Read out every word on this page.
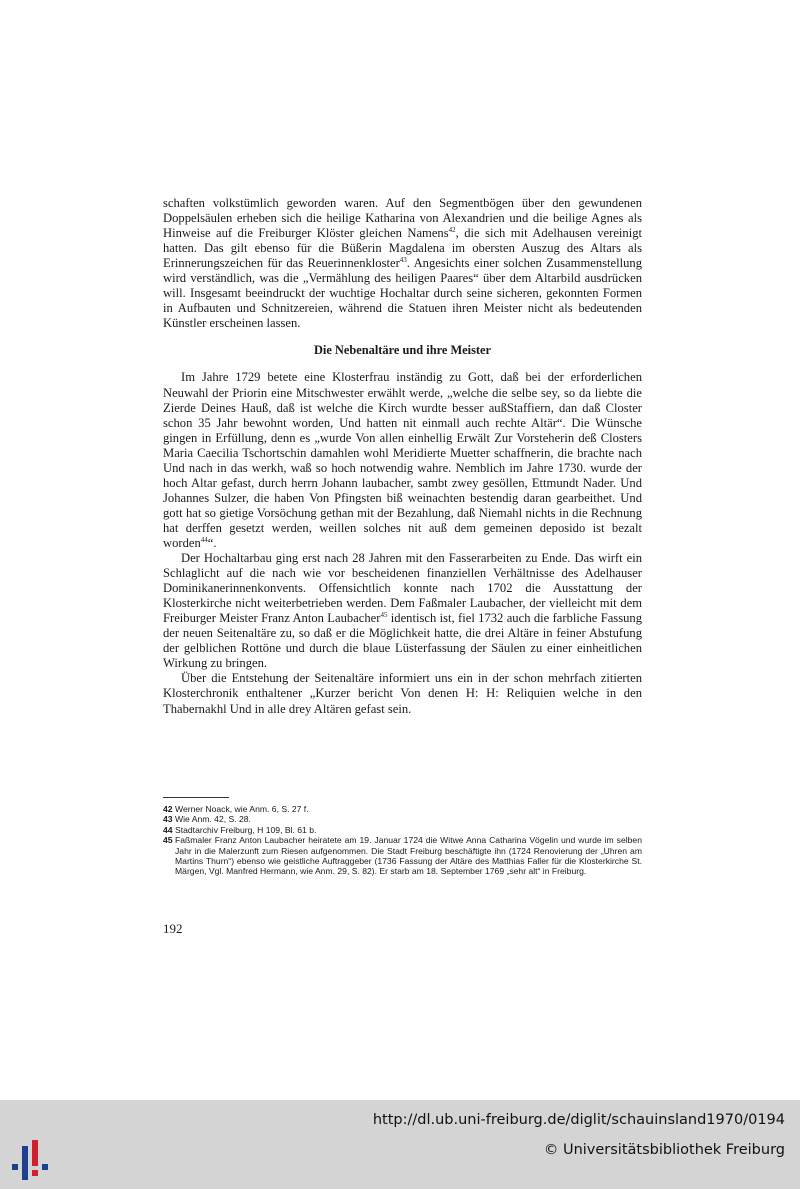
schaften volkstümlich geworden waren. Auf den Segmentbögen über den gewundenen Doppelsäulen erheben sich die heilige Katharina von Alexandrien und die beilige Agnes als Hinweise auf die Freiburger Klöster gleichen Namens$^{42}$, die sich mit Adelhausen vereinigt hatten. Das gilt ebenso für die Büßerin Magdalena im obersten Auszug des Altars als Erinnerungszeichen für das Reuerinnenkloster$^{43}$. Angesichts einer solchen Zusammenstellung wird verständlich, was die „Vermählung des heiligen Paares“ über dem Altarbild ausdrücken will. Insgesamt beeindruckt der wuchtige Hochaltar durch seine sicheren, gekonnten Formen in Aufbauten und Schnitzereien, während die Statuen ihren Meister nicht als bedeutenden Künstler erscheinen lassen.

Die Nebenaltäre und ihre Meister

Im Jahre 1729 betete eine Klosterfrau inständig zu Gott, daß bei der erforderlichen Neuwahl der Priorin eine Mitschwester erwählt werde, „welche die selbe sey, so da liebte die Zierde Deines Hauß, daß ist welche die Kirch wurdte besser außStaffiern, dan daß Closter schon 35 Jahr bewohnt worden, Und hatten nit einmall auch rechte Altär“. Die Wünsche gingen in Erfüllung, denn es „wurde Von allen einhellig Erwält Zur Vorsteherin deß Closters Maria Caecilia Tschortschin damahlen wohl Meridierte Muetter schaffnerin, die brachte nach Und nach in das werkh, waß so hoch notwendig wahre. Nemblich im Jahre 1730. wurde der hoch Altar gefast, durch herrn Johann laubacher, sambt zwey gesöllen, Ettmundt Nader. Und Johannes Sulzer, die haben Von Pfingsten biß weinachten bestendig daran gearbeithet. Und gott hat so gietige Vorsöchung gethan mit der Bezahlung, daß Niemahl nichts in die Rechnung hat derffen gesetzt werden, weillen solches nit auß dem gemeinen deposido ist bezalt worden$^{44}$“.

Der Hochaltarbau ging erst nach 28 Jahren mit den Fasserarbeiten zu Ende. Das wirft ein Schlaglicht auf die nach wie vor bescheidenen finanziellen Verhältnisse des Adelhauser Dominikanerinnenkonvents. Offensichtlich konnte nach 1702 die Ausstattung der Klosterkirche nicht weiterbetrieben werden. Dem Faßmaler Laubacher, der vielleicht mit dem Freiburger Meister Franz Anton Laubacher$^{45}$ identisch ist, fiel 1732 auch die farbliche Fassung der neuen Seitenaltäre zu, so daß er die Möglichkeit hatte, die drei Altäre in feiner Abstufung der gelblichen Rottöne und durch die blaue Lüsterfassung der Säulen zu einer einheitlichen Wirkung zu bringen.

Über die Entstehung der Seitenaltäre informiert uns ein in der schon mehrfach zitierten Klosterchronik enthaltener „Kurzer bericht Von denen H: H: Reliquien welche in den Thabernakhl Und in alle drey Altären gefast sein.

42 Werner Noack, wie Anm. 6, S. 27 f.
43 Wie Anm. 42, S. 28.
44 Stadtarchiv Freiburg, H 109, Bl. 61 b.
45 Faßmaler Franz Anton Laubacher heiratete am 19. Januar 1724 die Witwe Anna Catharina Vögelin und wurde im selben Jahr in die Malerzunft zum Riesen aufgenommen. Die Stadt Freiburg beschäftigte ihn (1724 Renovierung der „Uhren am Martins Thurn“) ebenso wie geistliche Auftraggeber (1736 Fassung der Altäre des Matthias Faller für die Klosterkirche St. Märgen, Vgl. Manfred Hermann, wie Anm. 29, S. 82). Er starb am 18. September 1769 „sehr alt“ in Freiburg.
192
http://dl.ub.uni-freiburg.de/diglit/schauinsland1970/0194
© Universitätsbibliothek Freiburg
